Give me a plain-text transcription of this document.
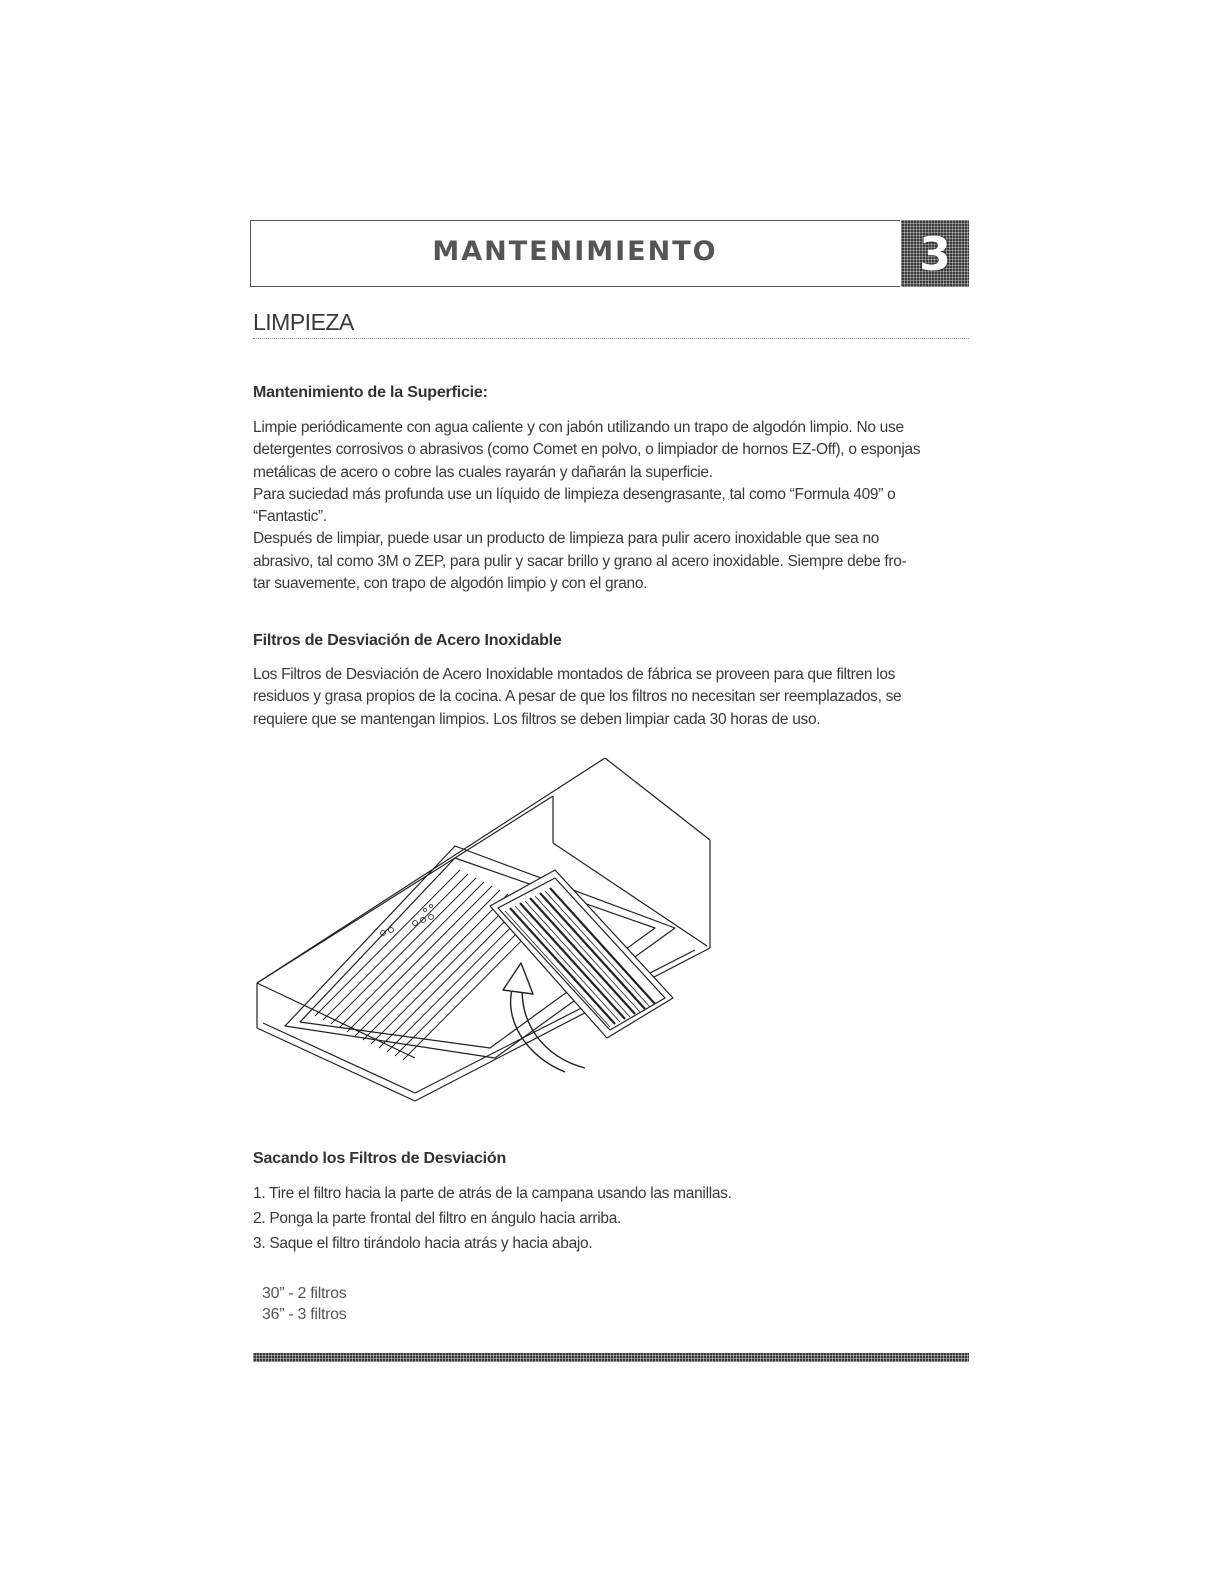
MANTENIMIENTO	3
LIMPIEZA
Mantenimiento de la Superficie:
Limpie periódicamente con agua caliente y con jabón utilizando un trapo de algodón limpio. No use
detergentes corrosivos o abrasivos (como Comet en polvo, o limpiador de hornos EZ-Off), o esponjas
metálicas de acero o cobre las cuales rayarán y dañarán la superficie.
Para suciedad más profunda use un líquido de limpieza desengrasante, tal como “Formula 409” o
“Fantastic”.
Después de limpiar, puede usar un producto de limpieza para pulir acero inoxidable que sea no
abrasivo, tal como 3M o ZEP, para pulir y sacar brillo y grano al acero inoxidable. Siempre debe fro-
tar suavemente, con trapo de algodón limpio y con el grano.
Filtros de Desviación de Acero Inoxidable
Los Filtros de Desviación de Acero Inoxidable montados de fábrica se proveen para que filtren los
residuos y grasa propios de la cocina. A pesar de que los filtros no necesitan ser reemplazados, se
requiere que se mantengan limpios. Los filtros se deben limpiar cada 30 horas de uso.
Sacando los Filtros de Desviación
1. Tire el filtro hacia la parte de atrás de la campana usando las manillas.
2. Ponga la parte frontal del filtro en ángulo hacia arriba.
3. Saque el filtro tirándolo hacia atrás y hacia abajo.
30” - 2 filtros
36” - 3 filtros
